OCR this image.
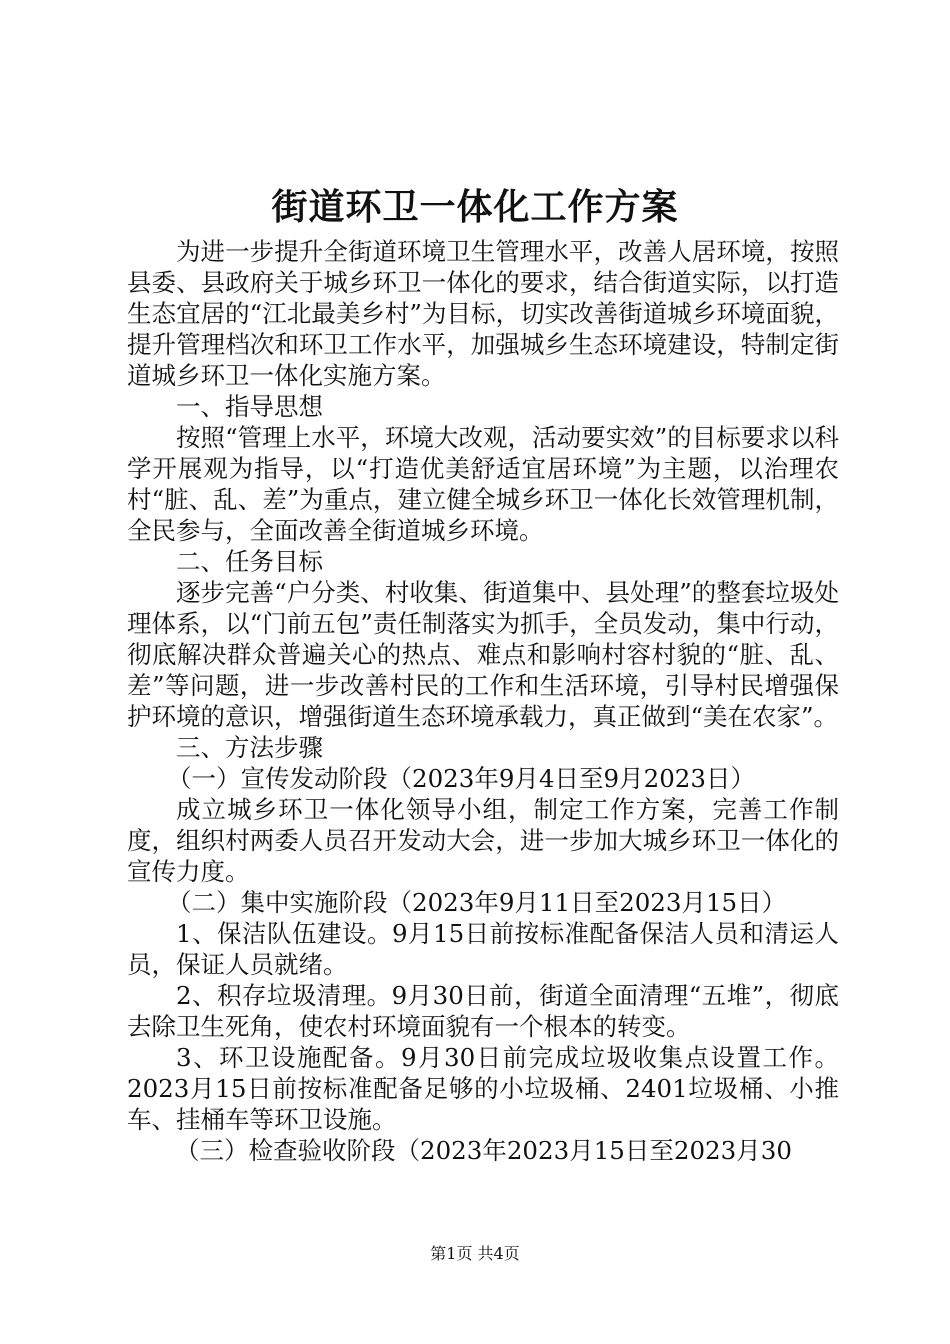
街道环卫一体化工作方案

为进一步提升全街道环境卫生管理水平，改善人居环境，按照县委、县政府关于城乡环卫一体化的要求，结合街道实际，以打造生态宜居的“江北最美乡村”为目标，切实改善街道城乡环境面貌，提升管理档次和环卫工作水平，加强城乡生态环境建设，特制定街道城乡环卫一体化实施方案。

一、指导思想

按照“管理上水平，环境大改观，活动要实效”的目标要求以科学开展观为指导，以“打造优美舒适宜居环境”为主题，以治理农村“脏、乱、差”为重点，建立健全城乡环卫一体化长效管理机制，全民参与，全面改善全街道城乡环境。

二、任务目标

逐步完善“户分类、村收集、街道集中、县处理”的整套垃圾处理体系，以“门前五包”责任制落实为抓手，全员发动，集中行动，彻底解决群众普遍关心的热点、难点和影响村容村貌的“脏、乱、差”等问题，进一步改善村民的工作和生活环境，引导村民增强保护环境的意识，增强街道生态环境承载力，真正做到“美在农家”。

三、方法步骤

（一）宣传发动阶段（2023年9月4日至9月2023日）

成立城乡环卫一体化领导小组，制定工作方案，完善工作制度，组织村两委人员召开发动大会，进一步加大城乡环卫一体化的宣传力度。

（二）集中实施阶段（2023年9月11日至2023月15日）

1、保洁队伍建设。9月15日前按标准配备保洁人员和清运人员，保证人员就绪。

2、积存垃圾清理。9月30日前，街道全面清理“五堆”，彻底去除卫生死角，使农村环境面貌有一个根本的转变。

3、环卫设施配备。9月30日前完成垃圾收集点设置工作。2023月15日前按标准配备足够的小垃圾桶、2401垃圾桶、小推车、挂桶车等环卫设施。

（三）检查验收阶段（2023年2023月15日至2023月30

第1页 共4页
